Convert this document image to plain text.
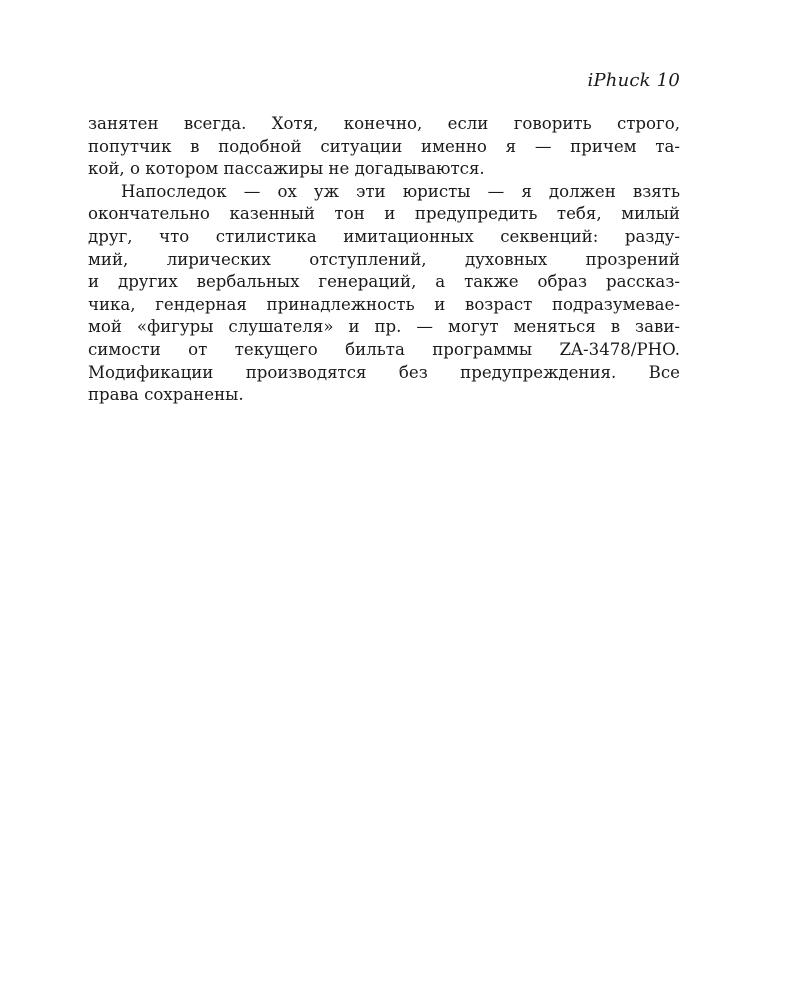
iPhuck 10
занятен всегда. Хотя, конечно, если говорить строго,
попутчик в подобной ситуации именно я — причем та-
кой, о котором пассажиры не догадываются.
Напоследок — ох уж эти юристы — я должен взять
окончательно казенный тон и предупредить тебя, милый
друг, что стилистика имитационных секвенций: разду-
мий, лирических отступлений, духовных прозрений
и других вербальных генераций, а также образ рассказ-
чика, гендерная принадлежность и возраст подразумевае-
мой «фигуры слушателя» и пр. — могут меняться в зави-
симости от текущего бильта программы ZA-3478/PHO.
Модификации производятся без предупреждения. Все
права сохранены.
